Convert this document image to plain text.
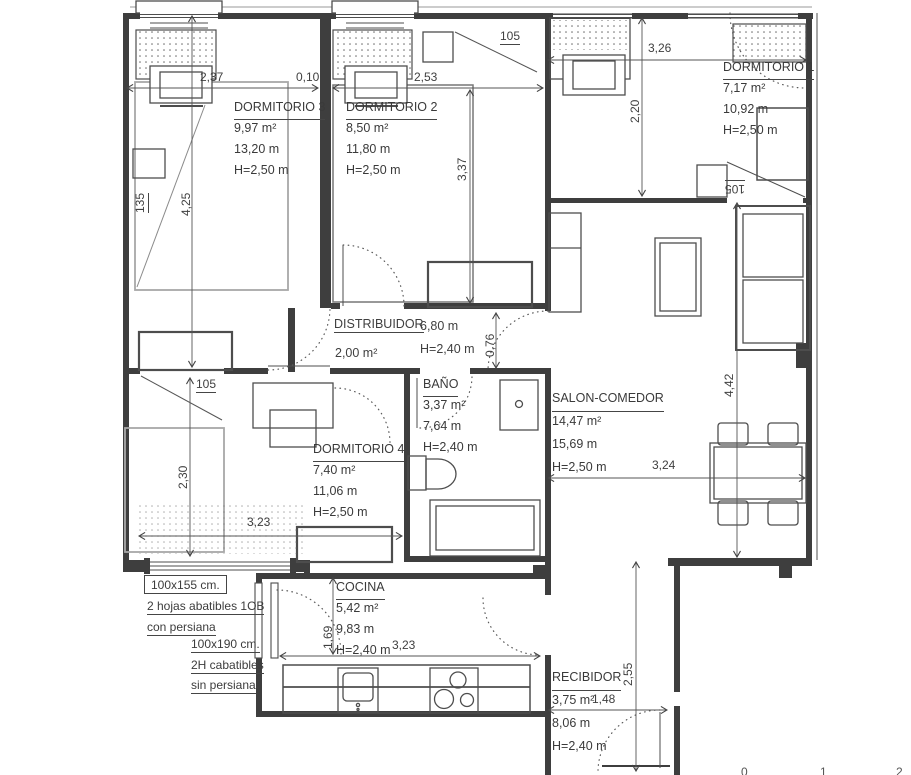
DORMITORIO 3
9,97 m²
13,20 m
H=2,50 m
DORMITORIO 2
8,50 m²
11,80 m
H=2,50 m
DORMITORIO 1
7,17 m²
10,92 m
H=2,50 m
DISTRIBUIDOR
2,00 m²
6,80 m
H=2,40 m
BAÑO
3,37 m²
7,64 m
H=2,40 m
SALON-COMEDOR
14,47 m²
15,69 m
H=2,50 m
DORMITORIO 4
7,40 m²
11,06 m
H=2,50 m
COCINA
5,42 m²
9,83 m
H=2,40 m
RECIBIDOR
3,75 m²
8,06 m
H=2,40 m
2,37	0,10	2,53
3,26
3,23
3,24
3,23
1,48
105
105
105
4,25
135
3,37
2,20
2,30
4,42
0,76
1,69
2,55
100x155 cm.
2 hojas abatibles 1OB
con persiana
100x190 cm.
2H cabatibles
sin persiana
0	1	2
